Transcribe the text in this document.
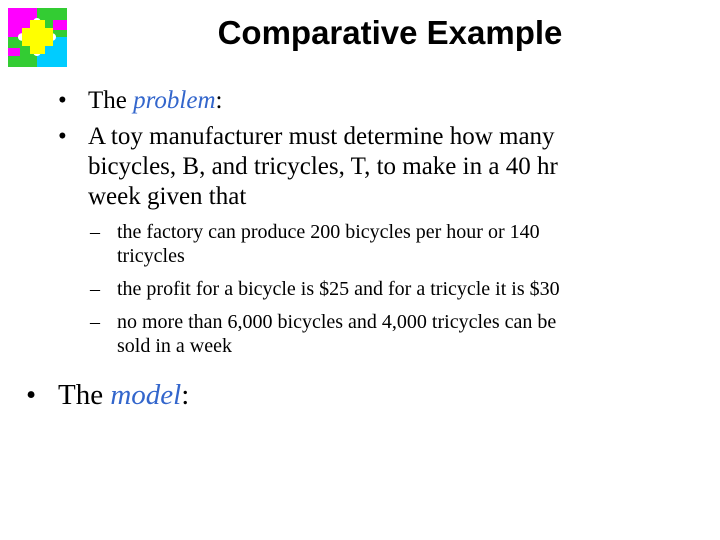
Comparative Example
• The problem:
• A toy manufacturer must determine how many
bicycles, B, and tricycles, T, to make in a 40 hr
week given that
– the factory can produce 200 bicycles per hour or 140
tricycles
– the profit for a bicycle is $25 and for a tricycle it is $30
– no more than 6,000 bicycles and 4,000 tricycles can be
sold in a week
• The model:
